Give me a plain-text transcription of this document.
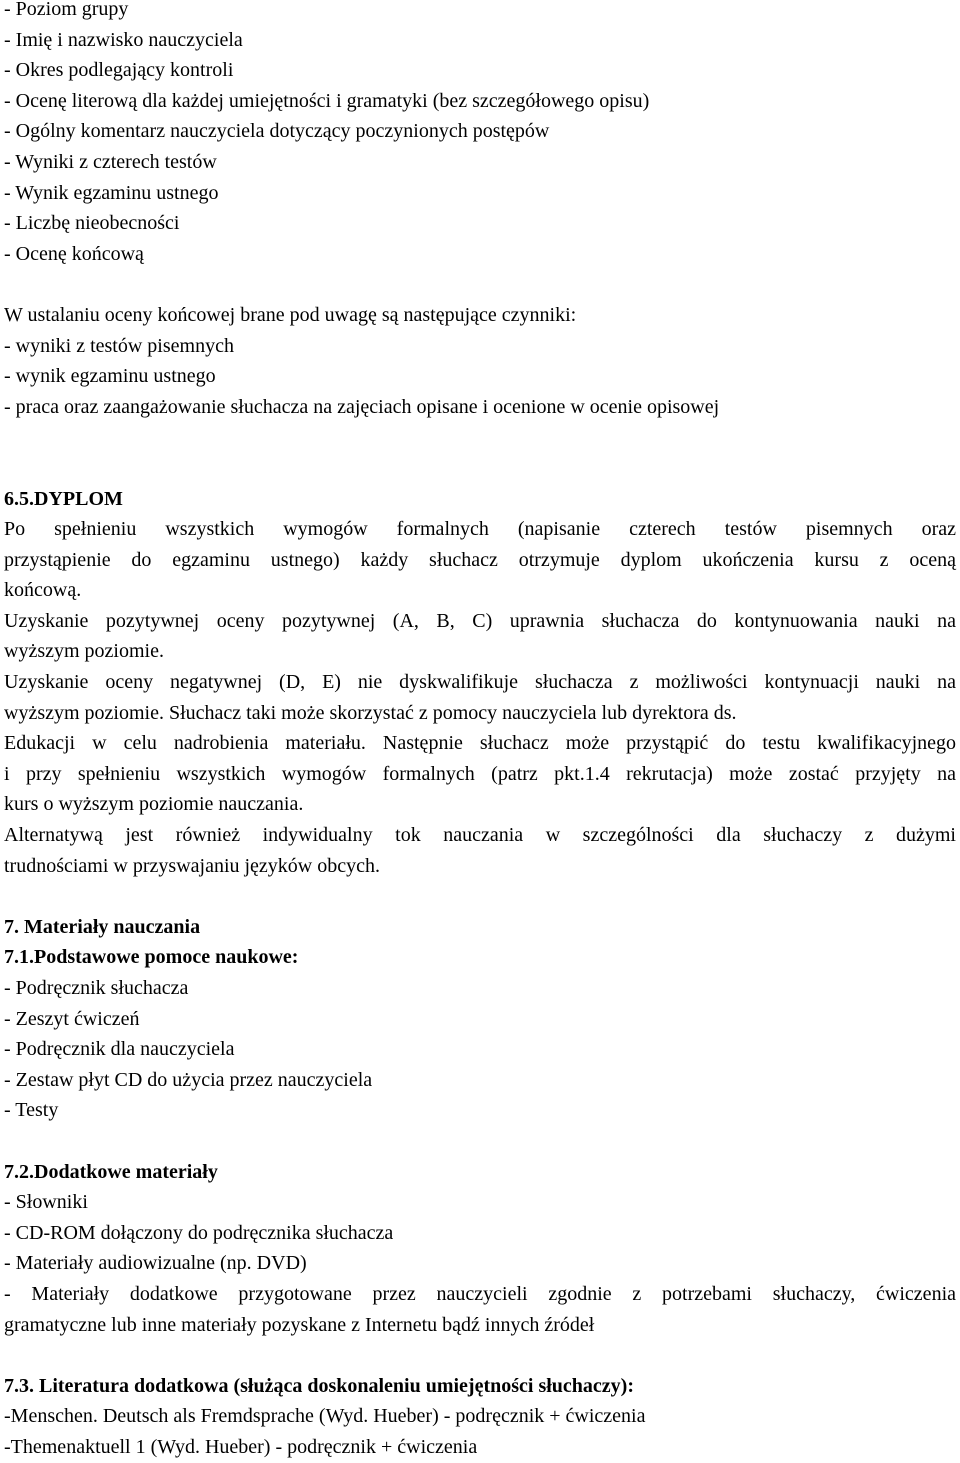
- Poziom grupy
- Imię i nazwisko nauczyciela
- Okres podlegający kontroli
- Ocenę literową dla każdej umiejętności i gramatyki (bez szczegółowego opisu)
- Ogólny komentarz nauczyciela dotyczący poczynionych postępów
- Wyniki z czterech testów
- Wynik egzaminu ustnego
- Liczbę nieobecności
- Ocenę końcową
W ustalaniu oceny końcowej brane pod uwagę są następujące czynniki:
- wyniki z testów pisemnych
- wynik egzaminu ustnego
- praca oraz zaangażowanie słuchacza na zajęciach opisane i ocenione w ocenie opisowej
6.5.DYPLOM
Po spełnieniu wszystkich wymogów formalnych (napisanie czterech testów pisemnych oraz
przystąpienie do egzaminu ustnego) każdy słuchacz otrzymuje dyplom ukończenia kursu z oceną
końcową.
Uzyskanie pozytywnej oceny pozytywnej (A, B, C) uprawnia słuchacza do kontynuowania nauki na
wyższym poziomie.
Uzyskanie oceny negatywnej (D, E) nie dyskwalifikuje słuchacza z możliwości kontynuacji nauki na
wyższym poziomie. Słuchacz taki może skorzystać z pomocy nauczyciela lub dyrektora ds.
Edukacji w celu nadrobienia materiału. Następnie słuchacz może przystąpić do testu kwalifikacyjnego
i przy spełnieniu wszystkich wymogów formalnych (patrz pkt.1.4 rekrutacja) może zostać przyjęty na
kurs o wyższym poziomie nauczania.
Alternatywą jest również indywidualny tok nauczania w szczególności dla słuchaczy z dużymi
trudnościami w przyswajaniu języków obcych.
7. Materiały nauczania
7.1.Podstawowe pomoce naukowe:
- Podręcznik słuchacza
- Zeszyt ćwiczeń
- Podręcznik dla nauczyciela
- Zestaw płyt CD do użycia przez nauczyciela
- Testy
7.2.Dodatkowe materiały
- Słowniki
- CD-ROM dołączony do podręcznika słuchacza
- Materiały audiowizualne (np. DVD)
- Materiały dodatkowe przygotowane przez nauczycieli zgodnie z potrzebami słuchaczy, ćwiczenia
gramatyczne lub inne materiały pozyskane z Internetu bądź innych źródeł
7.3. Literatura dodatkowa (służąca doskonaleniu umiejętności słuchaczy):
-Menschen. Deutsch als Fremdsprache (Wyd. Hueber) - podręcznik + ćwiczenia
-Themenaktuell 1 (Wyd. Hueber) - podręcznik + ćwiczenia
